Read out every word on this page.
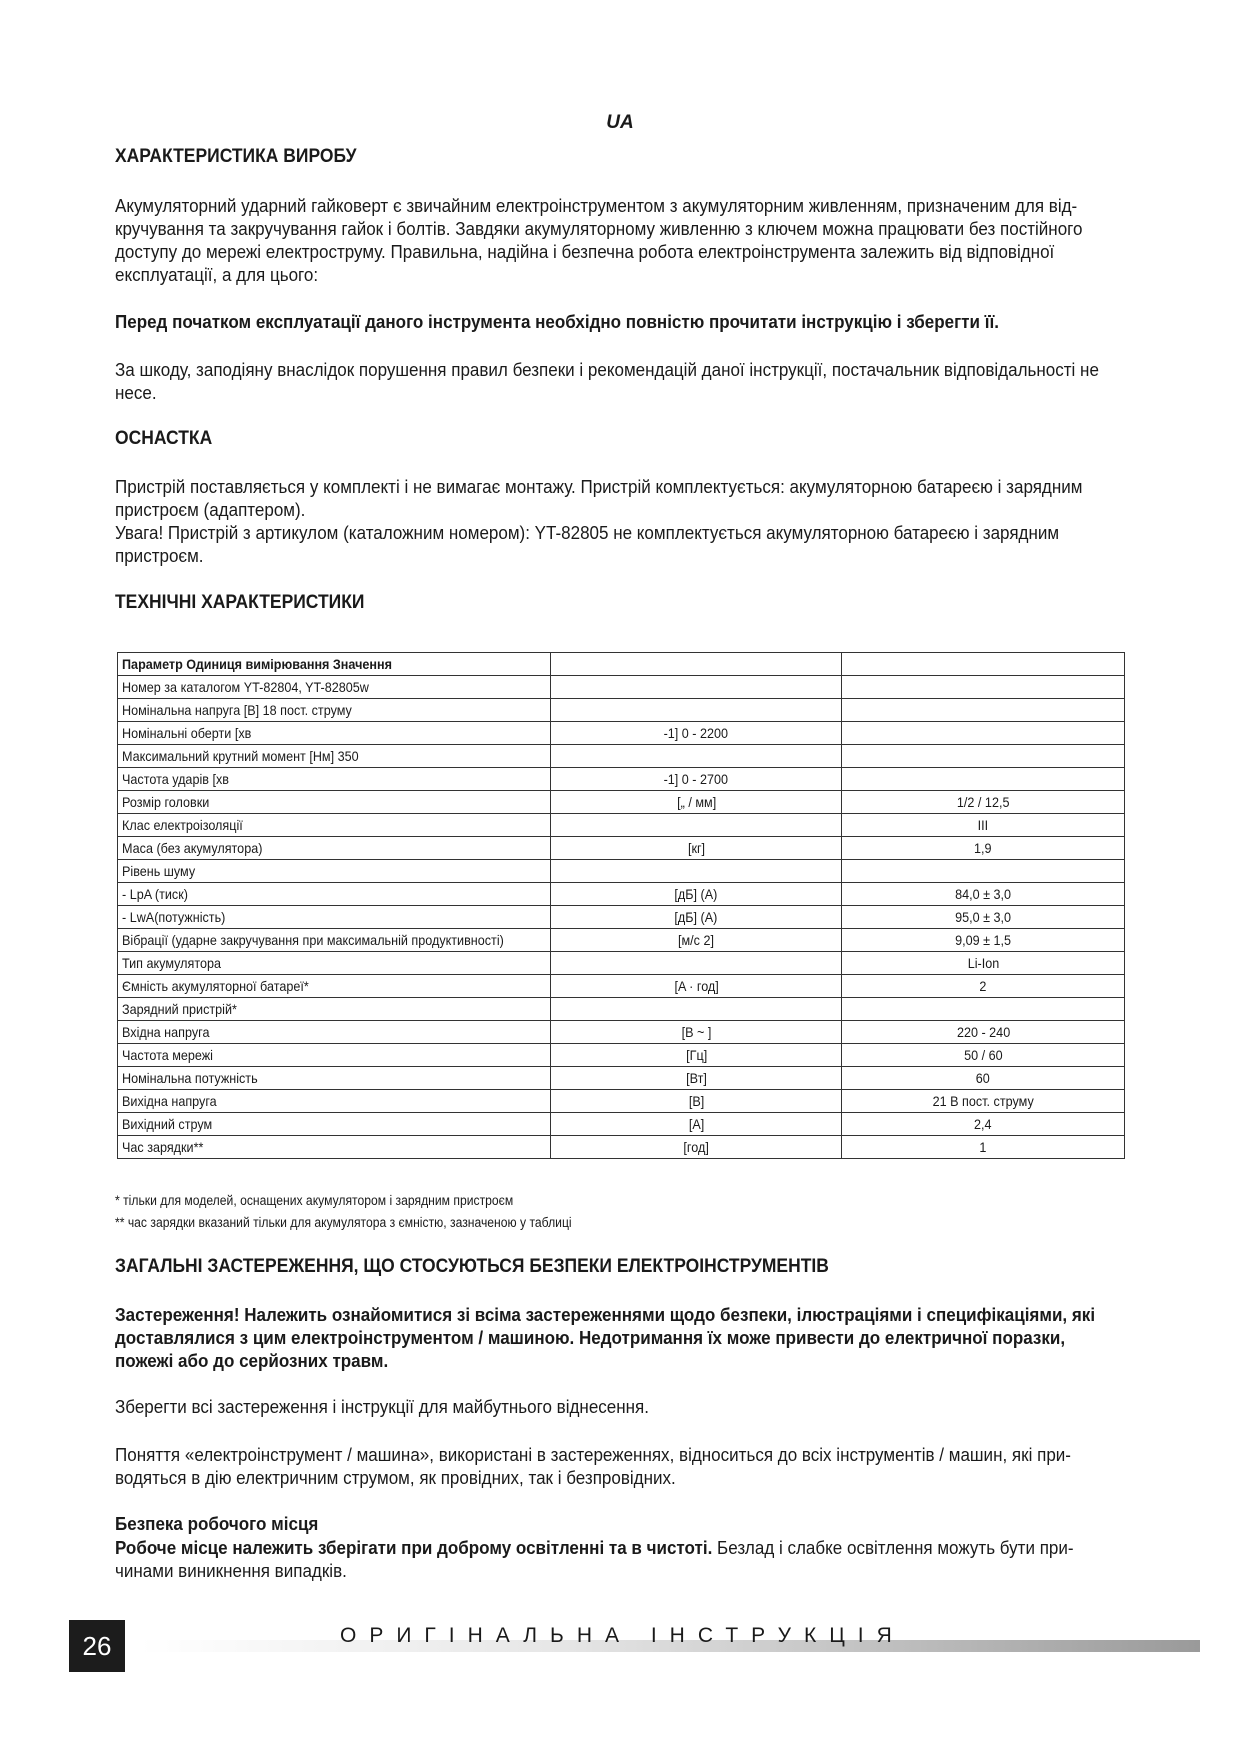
UA
ХАРАКТЕРИСТИКА ВИРОБУ

Акумуляторний ударний гайковерт є звичайним електроінструментом з акумуляторним живленням, призначеним для відкручування та закручування гайок і болтів. Завдяки акумуляторному живленню з ключем можна працювати без постійного доступу до мережі електроструму. Правильна, надійна і безпечна робота електроінструмента залежить від відповідної експлуатації, а для цього:

Перед початком експлуатації даного інструмента необхідно повністю прочитати інструкцію і зберегти її.

За шкоду, заподіяну внаслідок порушення правил безпеки і рекомендацій даної інструкції, постачальник відповідальності не несе.

ОСНАСТКА

Пристрій поставляється у комплекті і не вимагає монтажу. Пристрій комплектується: акумуляторною батареєю і зарядним пристроєм (адаптером).

Увага! Пристрій з артикулом (каталожним номером): YT-82805 не комплектується акумуляторною батареєю і зарядним пристроєм.

ТЕХНІЧНІ ХАРАКТЕРИСТИКИ
Параметр Одиниця вимірювання Значення		
Номер за каталогом YT-82804, YT-82805w		
Номінальна напруга [В] 18 пост. струму		
Номінальні оберти [хв	-1] 0 - 2200	
Максимальний крутний момент [Нм] 350		
Частота ударів [хв	-1] 0 - 2700	
Розмір головки	[„ / мм]	1/2 / 12,5
Клас електроізоляції		III
Маса (без акумулятора)	[кг]	1,9
Рівень шуму		
- LpA (тиск)	[дБ] (А)	84,0 ± 3,0
- LwA(потужність)	[дБ] (А)	95,0 ± 3,0
Вібрації (ударне закручування при максимальній продуктивності)	[м/с 2]	9,09 ± 1,5
Тип акумулятора		Li-Ion
Ємність акумуляторної батареї*	[A · год]	2
Зарядний пристрій*		
Вхідна напруга	[В ~ ]	220 - 240
Частота мережі	[Гц]	50 / 60
Номінальна потужність	[Вт]	60
Вихідна напруга	[В]	21 В пост. струму
Вихідний струм	[А]	2,4
Час зарядки**	[год]	1
* тільки для моделей, оснащених акумулятором і зарядним пристроєм
** час зарядки вказаний тільки для акумулятора з ємністю, зазначеною у таблиці
ЗАГАЛЬНІ ЗАСТЕРЕЖЕННЯ, ЩО СТОСУЮТЬСЯ БЕЗПЕКИ ЕЛЕКТРОІНСТРУМЕНТІВ

Застереження! Належить ознайомитися зі всіма застереженнями щодо безпеки, ілюстраціями і специфікаціями, які доставлялися з цим електроінструментом / машиною. Недотримання їх може привести до електричної поразки, пожежі або до серйозних травм.

Зберегти всі застереження і інструкції для майбутнього віднесення.

Поняття «електроінструмент / машина», використані в застереженнях, відноситься до всіх інструментів / машин, які приводяться в дію електричним струмом, як провідних, так і безпровідних.

Безпека робочого місця

Робоче місце належить зберігати при доброму освітленні та в чистоті. Безлад і слабке освітлення можуть бути причинами виникнення випадків.

26	ОРИГІНАЛЬНА ІНСТРУКЦІЯ
